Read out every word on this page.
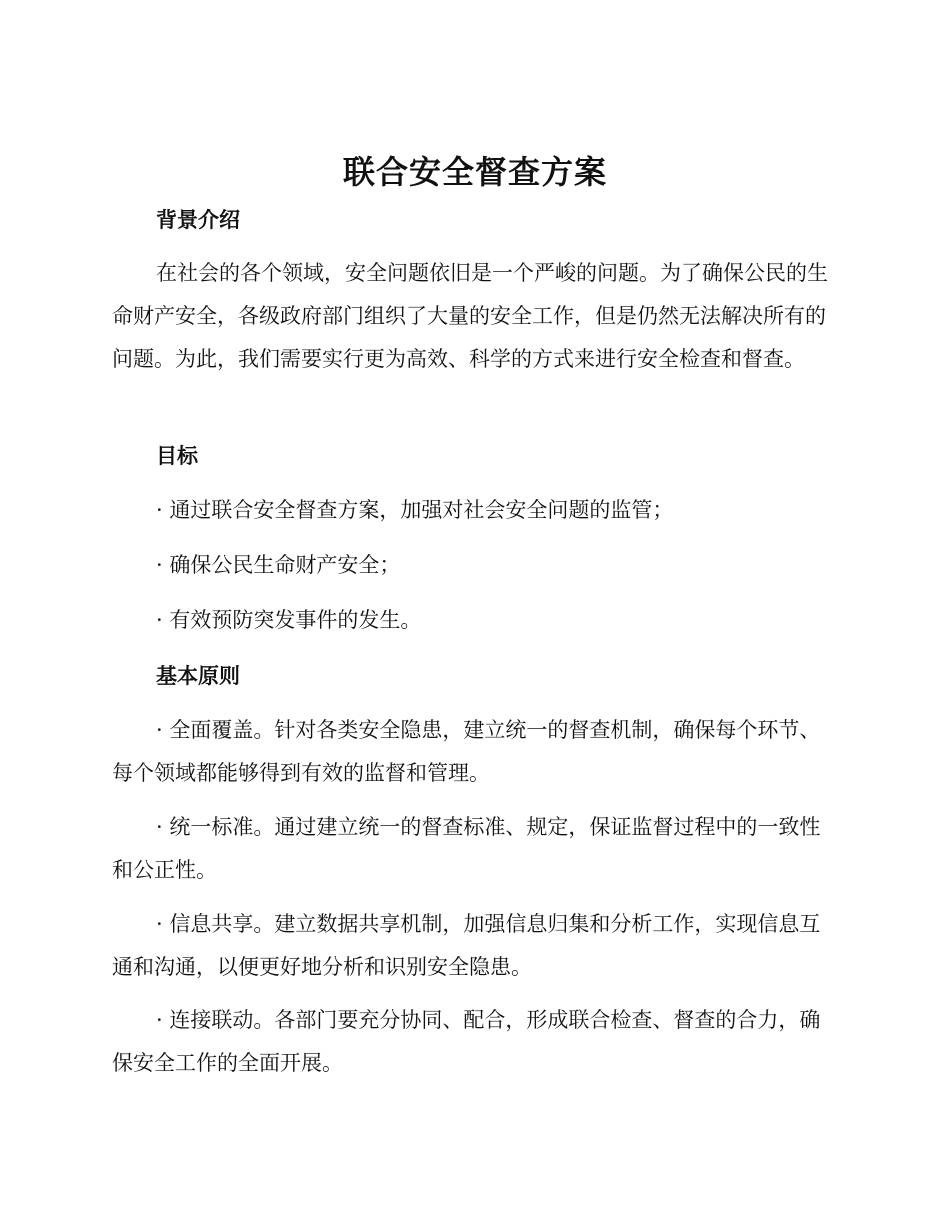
联合安全督查方案
背景介绍

在社会的各个领域，安全问题依旧是一个严峻的问题。为了确保公民的生命财产安全，各级政府部门组织了大量的安全工作，但是仍然无法解决所有的问题。为此，我们需要实行更为高效、科学的方式来进行安全检查和督查。

目标

· 通过联合安全督查方案，加强对社会安全问题的监管；

· 确保公民生命财产安全；

· 有效预防突发事件的发生。

基本原则

· 全面覆盖。针对各类安全隐患，建立统一的督查机制，确保每个环节、每个领域都能够得到有效的监督和管理。

· 统一标准。通过建立统一的督查标准、规定，保证监督过程中的一致性和公正性。

· 信息共享。建立数据共享机制，加强信息归集和分析工作，实现信息互通和沟通，以便更好地分析和识别安全隐患。

· 连接联动。各部门要充分协同、配合，形成联合检查、督查的合力，确保安全工作的全面开展。
